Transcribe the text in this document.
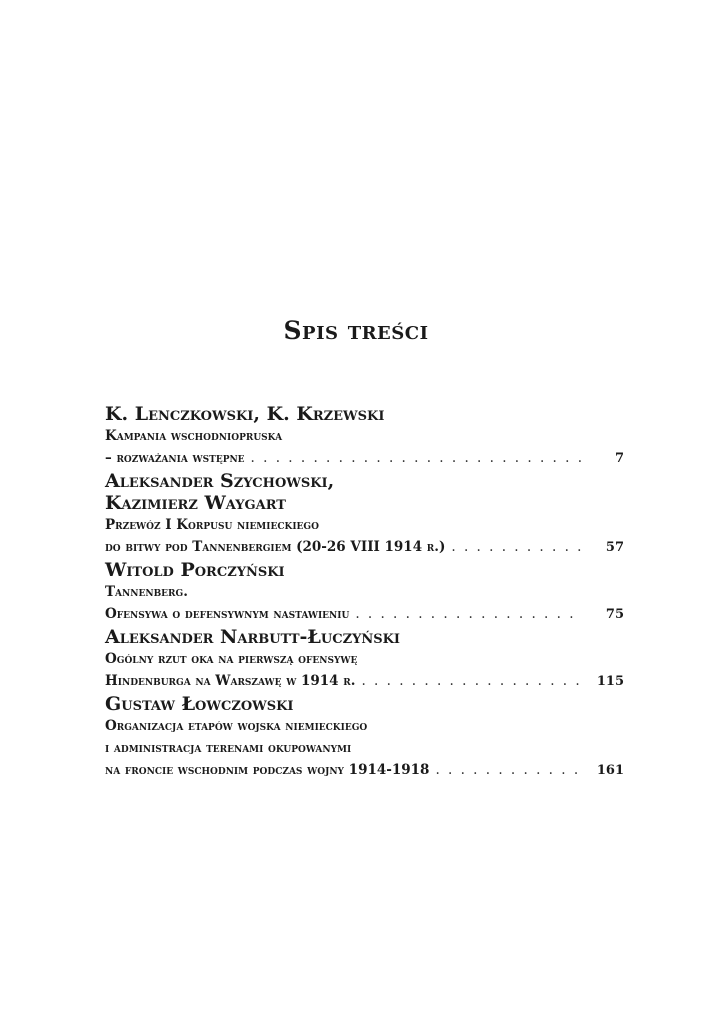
Spis treści

K. Lenczkowski, K. Krzewski

Kampania wschodniopruska

– rozważania wstępne . . .	7

Aleksander Szychowski,

Kazimierz Waygart

Przewóz I Korpusu niemieckiego

do bitwy pod Tannenbergiem (20-26 VIII 1914 r.) . . .	57

Witold Porczyński

Tannenberg.

Ofensywa o defensywnym nastawieniu . . .	75

Aleksander Narbutt-Łuczyński

Ogólny rzut oka na pierwszą ofensywę

Hindenburga na Warszawę w 1914 r. . . .	115

Gustaw Łowczowski

Organizacja etapów wojska niemieckiego

i administracja terenami okupowanymi

na froncie wschodnim podczas wojny 1914-1918 . . .	161
